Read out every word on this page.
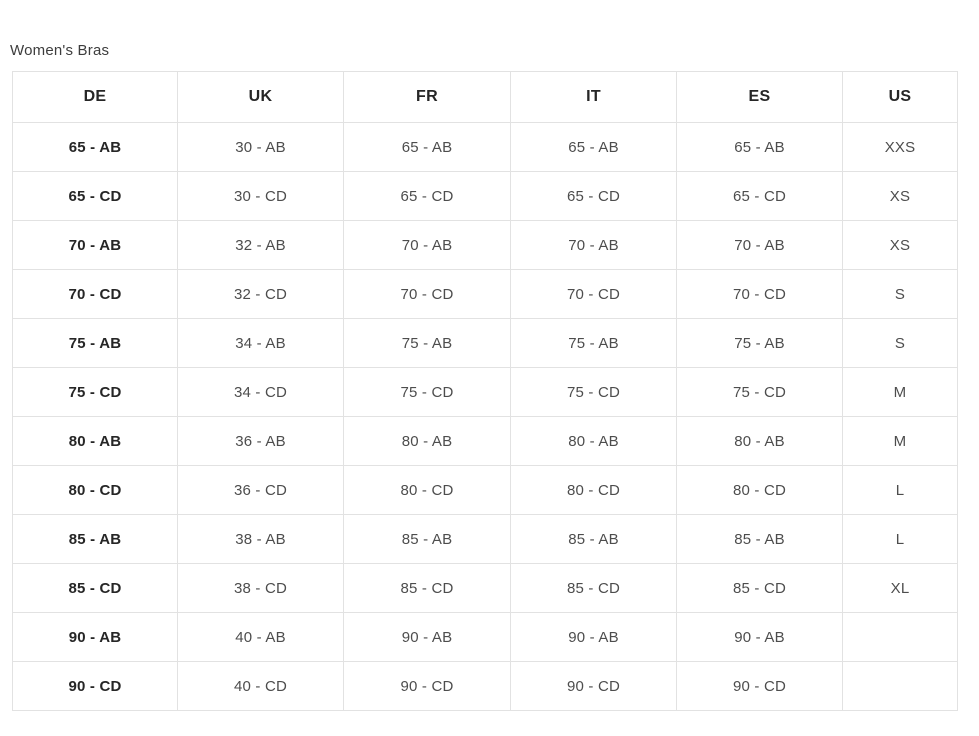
Women's Bras
DE	UK	FR	IT	ES	US
65 - AB	30 - AB	65 - AB	65 - AB	65 - AB	XXS
65 - CD	30 - CD	65 - CD	65 - CD	65 - CD	XS
70 - AB	32 - AB	70 - AB	70 - AB	70 - AB	XS
70 - CD	32 - CD	70 - CD	70 - CD	70 - CD	S
75 - AB	34 - AB	75 - AB	75 - AB	75 - AB	S
75 - CD	34 - CD	75 - CD	75 - CD	75 - CD	M
80 - AB	36 - AB	80 - AB	80 - AB	80 - AB	M
80 - CD	36 - CD	80 - CD	80 - CD	80 - CD	L
85 - AB	38 - AB	85 - AB	85 - AB	85 - AB	L
85 - CD	38 - CD	85 - CD	85 - CD	85 - CD	XL
90 - AB	40 - AB	90 - AB	90 - AB	90 - AB	
90 - CD	40 - CD	90 - CD	90 - CD	90 - CD	
